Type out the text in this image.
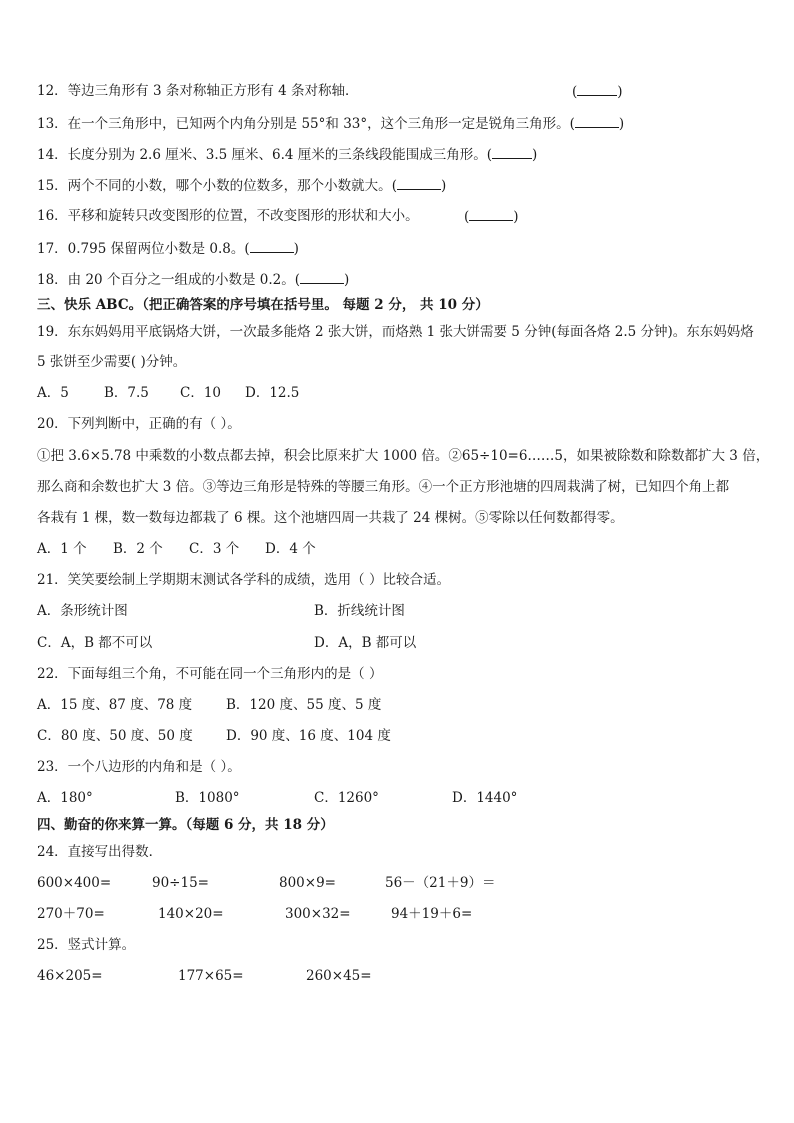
12．等边三角形有 3 条对称轴正方形有 4 条对称轴．	(	)
13．在一个三角形中，已知两个内角分别是 55°和 33°，这个三角形一定是锐角三角形。(	)
14．长度分别为 2.6 厘米、3.5 厘米、6.4 厘米的三条线段能围成三角形。(	)
15．两个不同的小数，哪个小数的位数多，那个小数就大。(	)
16．平移和旋转只改变图形的位置，不改变图形的形状和大小。	(	)
17．0.795 保留两位小数是 0.8。(	)
18．由 20 个百分之一组成的小数是 0.2。(	)
三、快乐 ABC。（把正确答案的序号填在括号里。 每题 2 分， 共 10 分）
19．东东妈妈用平底锅烙大饼，一次最多能烙 2 张大饼，而烙熟 1 张大饼需要 5 分钟(每面各烙 2.5 分钟)。东东妈妈烙
5 张饼至少需要( )分钟。
A．5	B．7.5 C．10 D．12.5
20．下列判断中，正确的有（ ）。
①把 3.6×5.78 中乘数的小数点都去掉，积会比原来扩大 1000 倍。②65÷10=6……5，如果被除数和除数都扩大 3 倍，
那么商和余数也扩大 3 倍。③等边三角形是特殊的等腰三角形。④一个正方形池塘的四周栽满了树，已知四个角上都
各栽有 1 棵，数一数每边都栽了 6 棵。这个池塘四周一共栽了 24 棵树。⑤零除以任何数都得零。
A．1 个 B．2 个 C．3 个 D．4 个
21．笑笑要绘制上学期期末测试各学科的成绩，选用（ ）比较合适。
A．条形统计图	B．折线统计图
C．A，B 都不可以	D．A，B 都可以
22．下面每组三个角，不可能在同一个三角形内的是（ ）
A．15 度、87 度、78 度	B．120 度、55 度、5 度
C．80 度、50 度、50 度 D．90 度、16 度、104 度
23．一个八边形的内角和是（ ）。
A．180°	B．1080°	C．1260°	D．1440°
四、勤奋的你来算一算。（每题 6 分，共 18 分）
24．直接写出得数．
600×400=	90÷15=	800×9=	56－（21＋9）＝
270＋70=	140×20=	300×32=	94＋19＋6=
25．竖式计算。
46×205=	177×65=	260×45=
